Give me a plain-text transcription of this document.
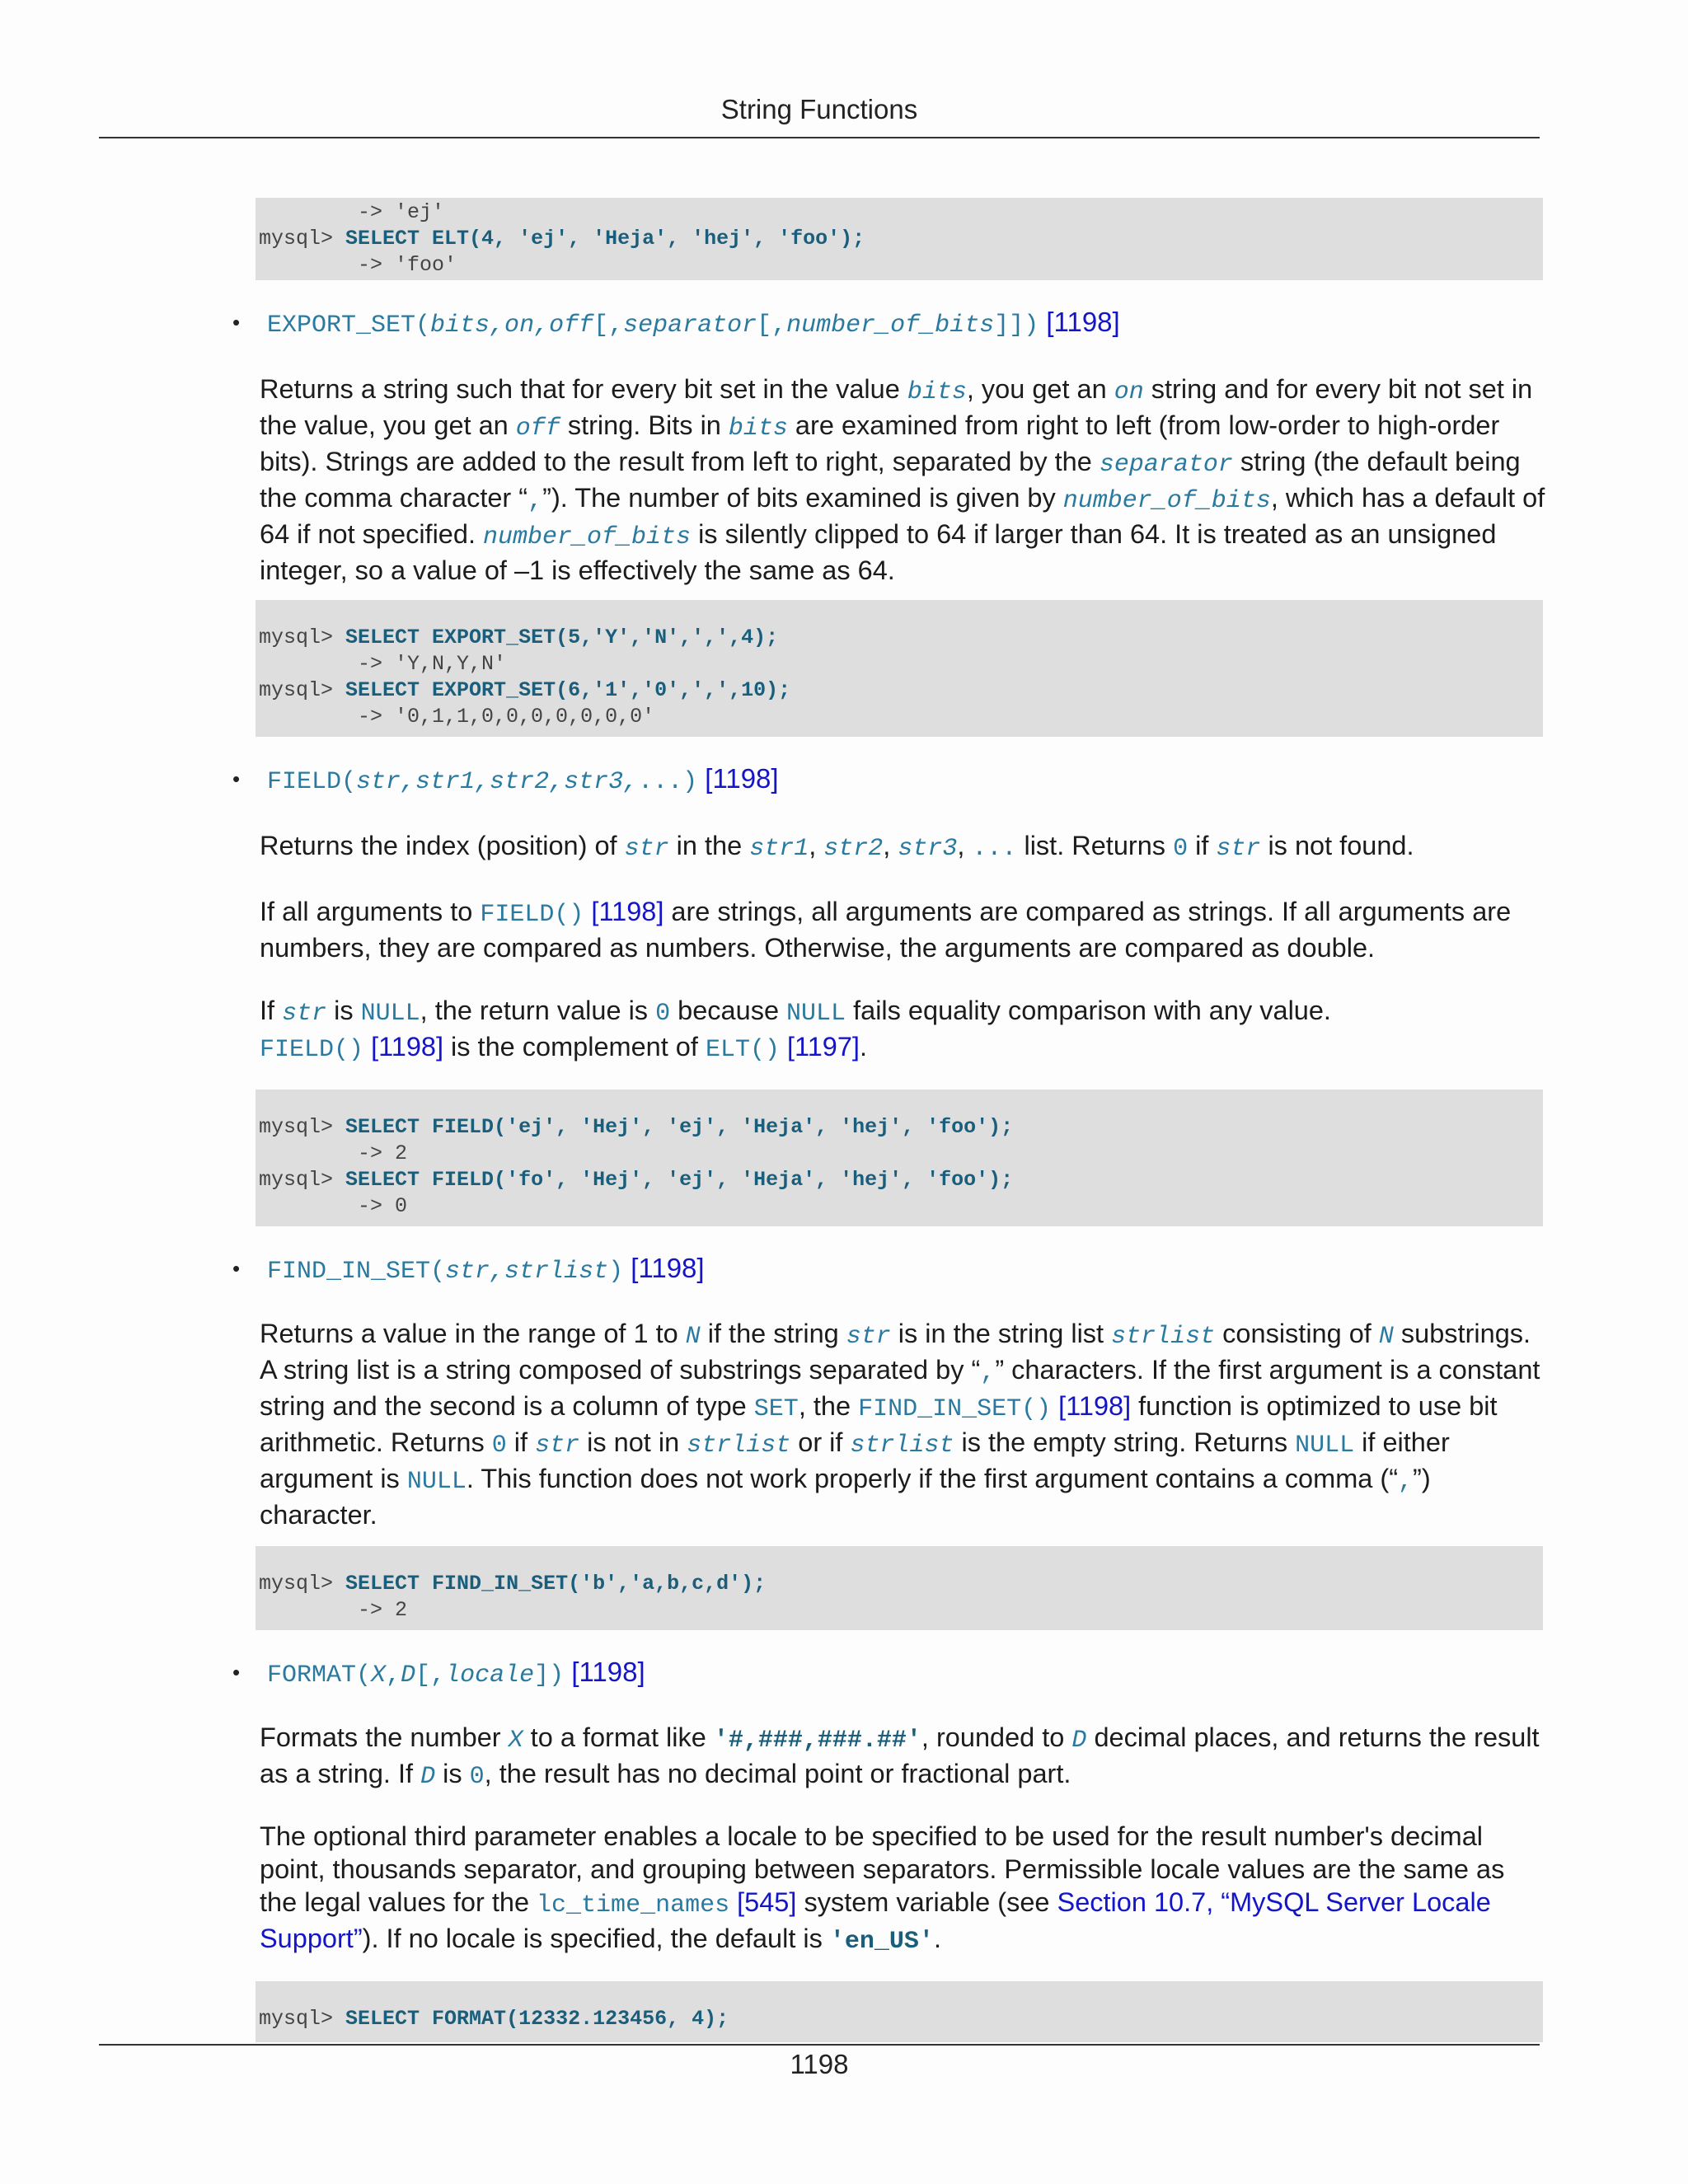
String Functions
-> 'ej'
mysql> SELECT ELT(4, 'ej', 'Heja', 'hej', 'foo');
-> 'foo'
• EXPORT_SET(bits,on,off[,separator[,number_of_bits]]) [1198]

Returns a string such that for every bit set in the value bits, you get an on string and for every bit not set in the value, you get an off string. Bits in bits are examined from right to left (from low-order to high-order bits). Strings are added to the result from left to right, separated by the separator string (the default being the comma character “,”). The number of bits examined is given by number_of_bits, which has a default of 64 if not specified. number_of_bits is silently clipped to 64 if larger than 64. It is treated as an unsigned integer, so a value of –1 is effectively the same as 64.

mysql> SELECT EXPORT_SET(5,'Y','N',',',4);
-> 'Y,N,Y,N'
mysql> SELECT EXPORT_SET(6,'1','0',',',10);
-> '0,1,1,0,0,0,0,0,0,0'
• FIELD(str,str1,str2,str3,...) [1198]

Returns the index (position) of str in the str1, str2, str3, ... list. Returns 0 if str is not found.

If all arguments to FIELD() [1198] are strings, all arguments are compared as strings. If all arguments are numbers, they are compared as numbers. Otherwise, the arguments are compared as double.

If str is NULL, the return value is 0 because NULL fails equality comparison with any value.
FIELD() [1198] is the complement of ELT() [1197].

mysql> SELECT FIELD('ej', 'Hej', 'ej', 'Heja', 'hej', 'foo');
-> 2
mysql> SELECT FIELD('fo', 'Hej', 'ej', 'Heja', 'hej', 'foo');
-> 0
• FIND_IN_SET(str,strlist) [1198]

Returns a value in the range of 1 to N if the string str is in the string list strlist consisting of N substrings. A string list is a string composed of substrings separated by “,” characters. If the first argument is a constant string and the second is a column of type SET, the FIND_IN_SET() [1198] function is optimized to use bit arithmetic. Returns 0 if str is not in strlist or if strlist is the empty string. Returns NULL if either argument is NULL. This function does not work properly if the first argument contains a comma (“,”) character.

mysql> SELECT FIND_IN_SET('b','a,b,c,d');
-> 2
• FORMAT(X,D[,locale]) [1198]

Formats the number X to a format like '#,###,###.##', rounded to D decimal places, and returns the result as a string. If D is 0, the result has no decimal point or fractional part.

The optional third parameter enables a locale to be specified to be used for the result number's decimal point, thousands separator, and grouping between separators. Permissible locale values are the same as the legal values for the lc_time_names [545] system variable (see Section 10.7, “MySQL Server Locale Support”). If no locale is specified, the default is 'en_US'.

mysql> SELECT FORMAT(12332.123456, 4);
1198
